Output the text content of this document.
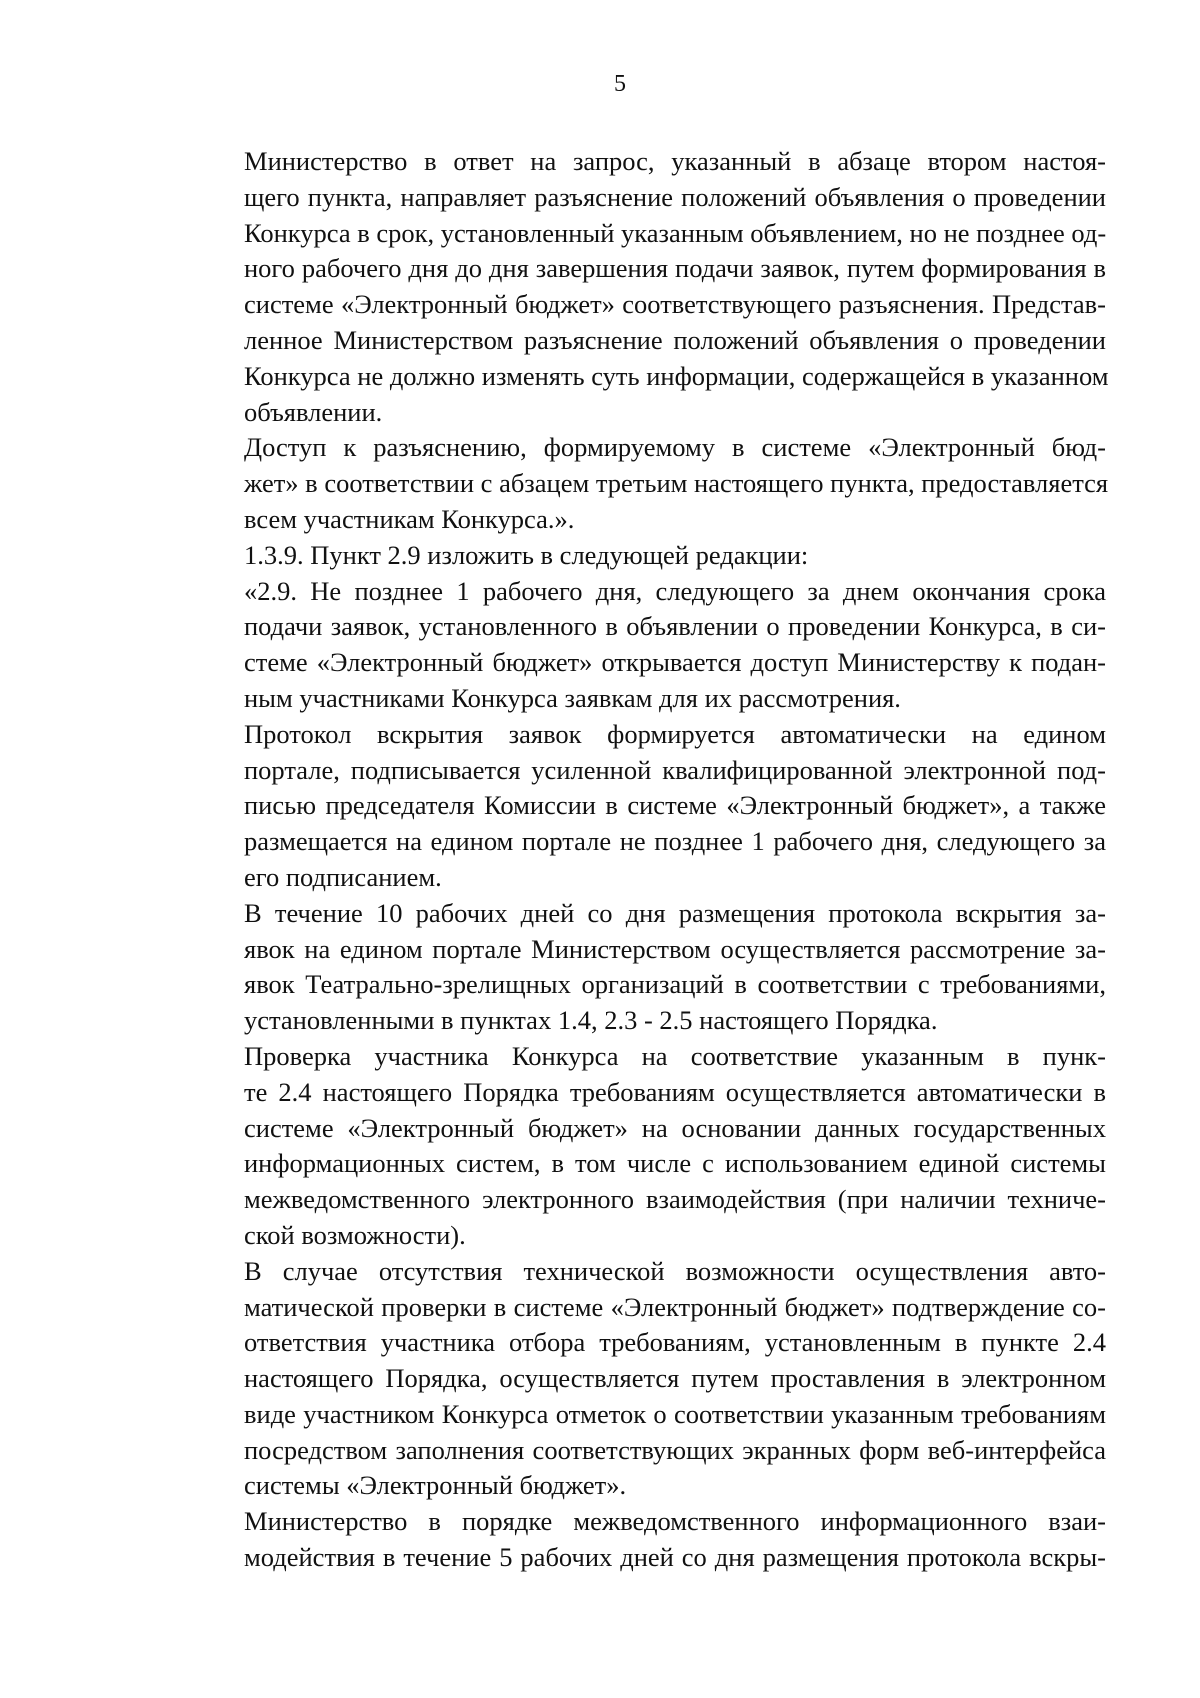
5

Министерство в ответ на запрос, указанный в абзаце втором настоя-
щего пункта, направляет разъяснение положений объявления о проведении
Конкурса в срок, установленный указанным объявлением, но не позднее од-
ного рабочего дня до дня завершения подачи заявок, путем формирования в
системе «Электронный бюджет» соответствующего разъяснения. Представ-
ленное Министерством разъяснение положений объявления о проведении
Конкурса не должно изменять суть информации, содержащейся в указанном
объявлении.

Доступ к разъяснению, формируемому в системе «Электронный бюд-
жет» в соответствии с абзацем третьим настоящего пункта, предоставляется
всем участникам Конкурса.».

1.3.9. Пункт 2.9 изложить в следующей редакции:

«2.9. Не позднее 1 рабочего дня, следующего за днем окончания срока
подачи заявок, установленного в объявлении о проведении Конкурса, в си-
стеме «Электронный бюджет» открывается доступ Министерству к подан-
ным участниками Конкурса заявкам для их рассмотрения.

Протокол вскрытия заявок формируется автоматически на едином
портале, подписывается усиленной квалифицированной электронной под-
писью председателя Комиссии в системе «Электронный бюджет», а также
размещается на едином портале не позднее 1 рабочего дня, следующего за
его подписанием.

В течение 10 рабочих дней со дня размещения протокола вскрытия за-
явок на едином портале Министерством осуществляется рассмотрение за-
явок Театрально-зрелищных организаций в соответствии с требованиями,
установленными в пунктах 1.4, 2.3 - 2.5 настоящего Порядка.

Проверка участника Конкурса на соответствие указанным в пунк-
те 2.4 настоящего Порядка требованиям осуществляется автоматически в
системе «Электронный бюджет» на основании данных государственных
информационных систем, в том числе с использованием единой системы
межведомственного электронного взаимодействия (при наличии техниче-
ской возможности).

В случае отсутствия технической возможности осуществления авто-
матической проверки в системе «Электронный бюджет» подтверждение со-
ответствия участника отбора требованиям, установленным в пункте 2.4
настоящего Порядка, осуществляется путем проставления в электронном
виде участником Конкурса отметок о соответствии указанным требованиям
посредством заполнения соответствующих экранных форм веб-интерфейса
системы «Электронный бюджет».

Министерство в порядке межведомственного информационного взаи-
модействия в течение 5 рабочих дней со дня размещения протокола вскры-
